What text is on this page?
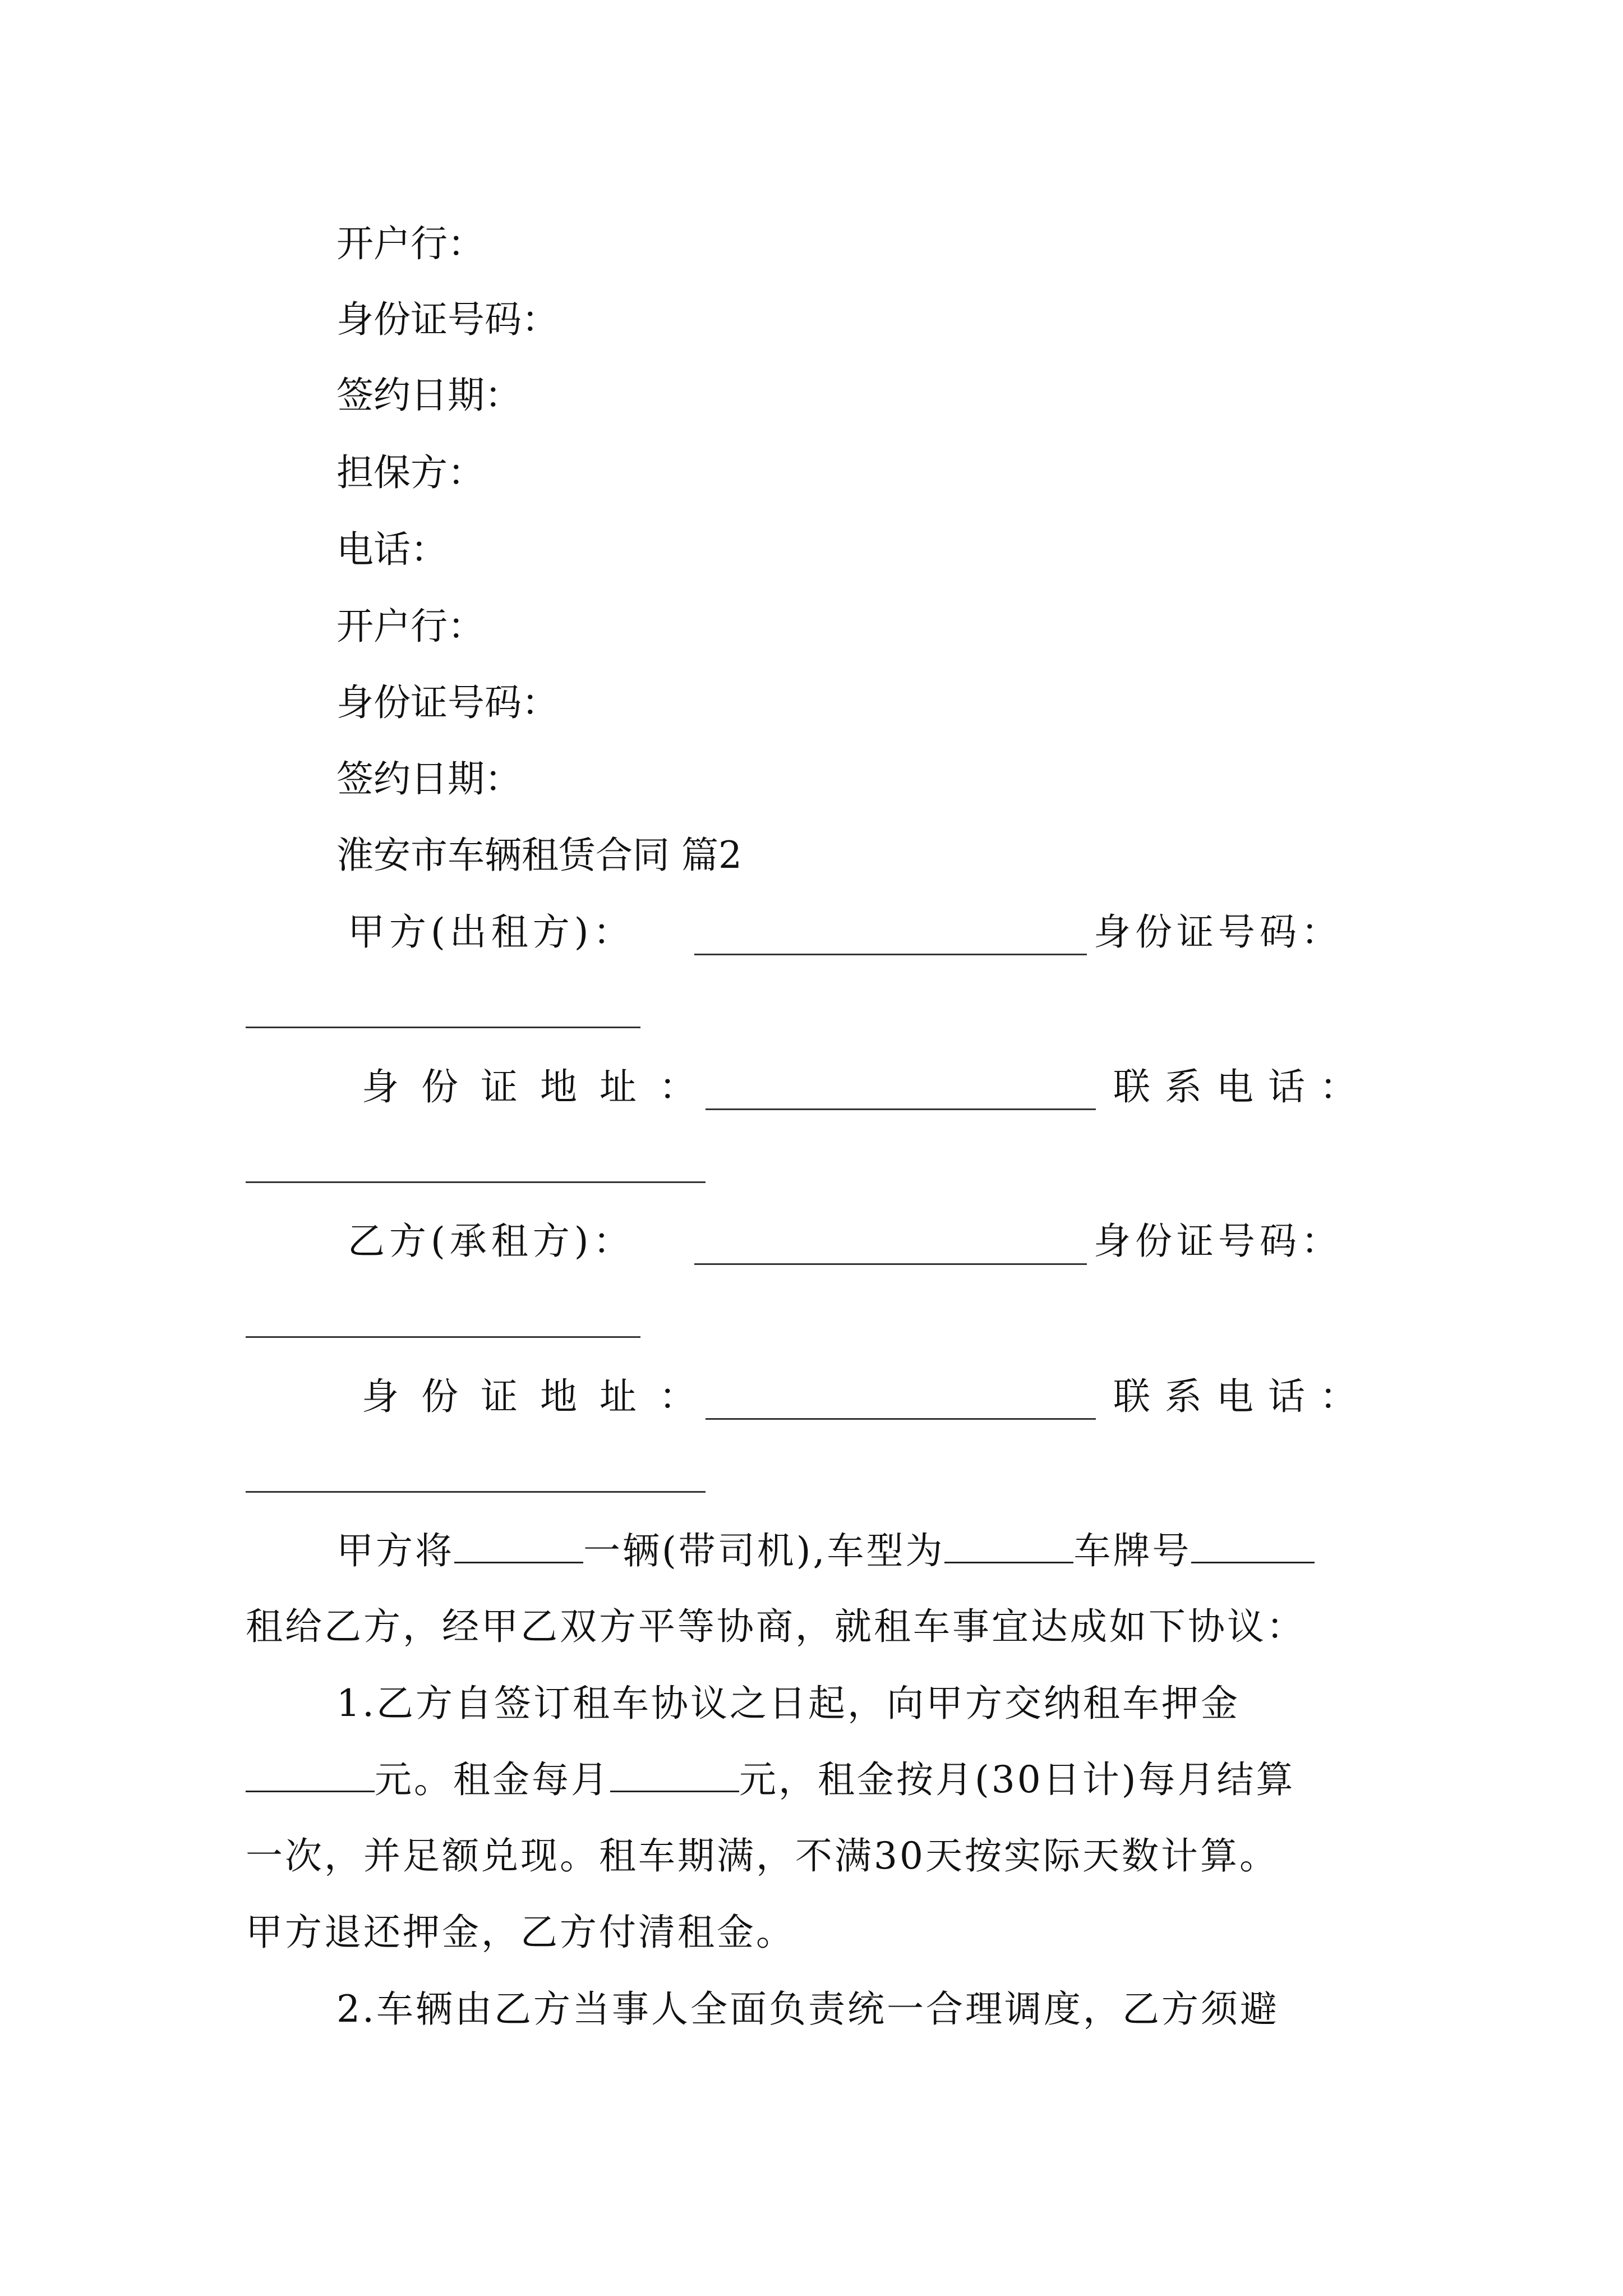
开户行：
身份证号码：
签约日期：
担保方：
电话：
开户行：
身份证号码：
签约日期：
淮安市车辆租赁合同 篇2
甲方(出租方)：	身份证号码：
身份证地址：	联系电话：
乙方(承租方)：	身份证号码：
身份证地址：	联系电话：
甲方将	一辆(带司机),车型为	车牌号
租给乙方，经甲乙双方平等协商，就租车事宜达成如下协议：
1.乙方自签订租车协议之日起，向甲方交纳租车押金
元。租金每月	元，租金按月(30日计)每月结算
一次，并足额兑现。租车期满，不满30天按实际天数计算。
甲方退还押金，乙方付清租金。
2.车辆由乙方当事人全面负责统一合理调度，乙方须避
